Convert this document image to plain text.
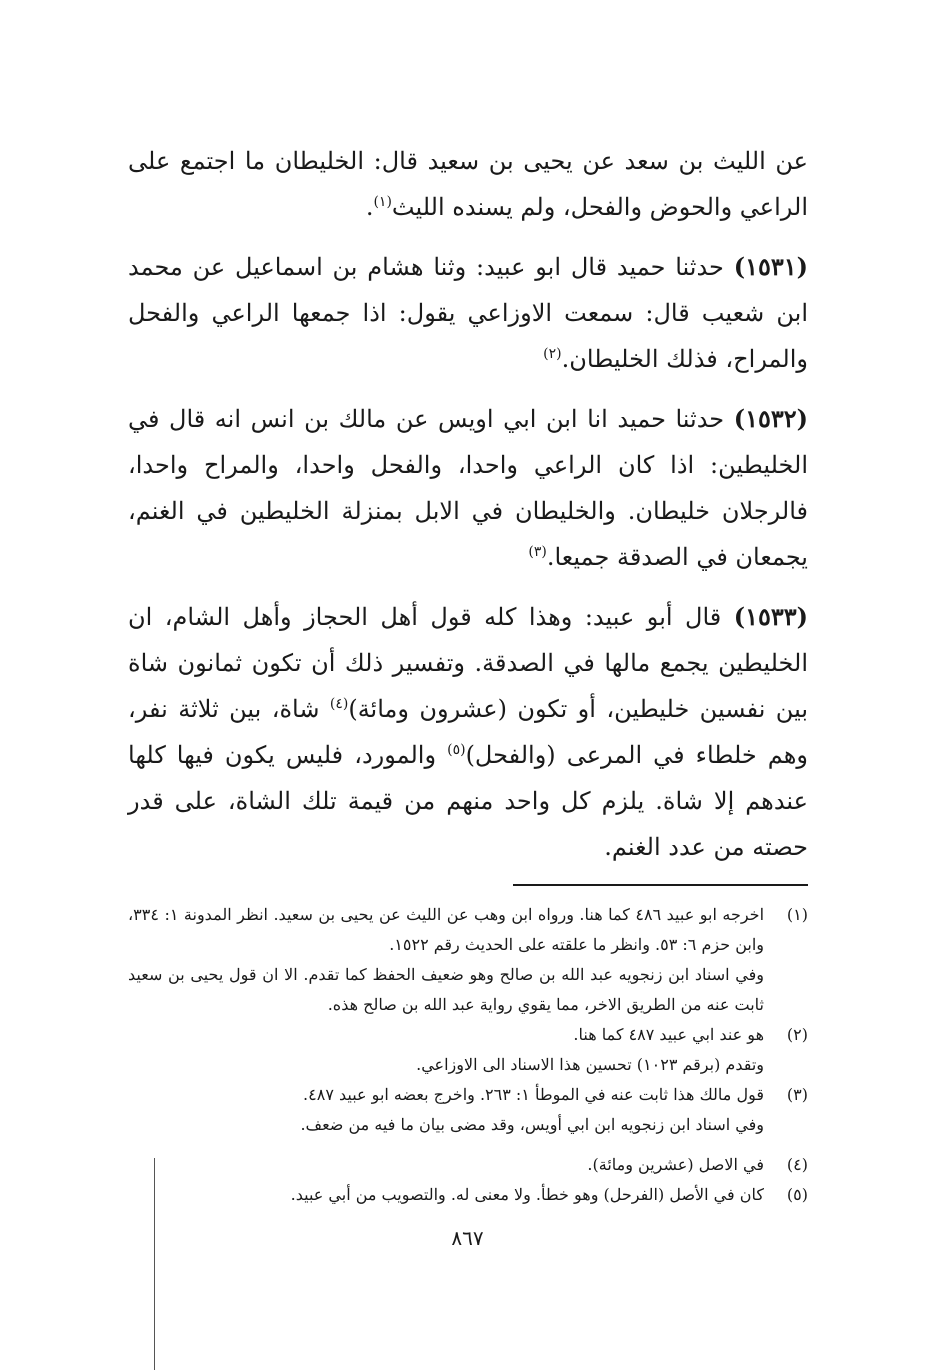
عن الليث بن سعد عن يحيى بن سعيد قال: الخليطان ما اجتمع على الراعي والحوض والفحل، ولم يسنده الليث$^{(١)}$.

(١٥٣١) حدثنا حميد قال ابو عبيد: وثنا هشام بن اسماعيل عن محمد ابن شعيب قال: سمعت الاوزاعي يقول: اذا جمعها الراعي والفحل والمراح، فذلك الخليطان.$^{(٢)}$

(١٥٣٢) حدثنا حميد انا ابن ابي اويس عن مالك بن انس انه قال في الخليطين: اذا كان الراعي واحدا، والفحل واحدا، والمراح واحدا، فالرجلان خليطان. والخليطان في الابل بمنزلة الخليطين في الغنم، يجمعان في الصدقة جميعا.$^{(٣)}$

(١٥٣٣) قال أبو عبيد: وهذا كله قول أهل الحجاز وأهل الشام، ان الخليطين يجمع مالها في الصدقة. وتفسير ذلك أن تكون ثمانون شاة بين نفسين خليطين، أو تكون (عشرون ومائة)$^{(٤)}$ شاة، بين ثلاثة نفر، وهم خلطاء في المرعى (والفحل)$^{(٥)}$ والمورد، فليس يكون فيها كلها عندهم إلا شاة. يلزم كل واحد منهم من قيمة تلك الشاة، على قدر حصته من عدد الغنم.

(١)
اخرجه ابو عبيد ٤٨٦ كما هنا. ورواه ابن وهب عن الليث عن يحيى بن سعيد. انظر المدونة ١: ٣٣٤، وابن حزم ٦: ٥٣. وانظر ما علقته على الحديث رقم ١٥٢٢.
وفي اسناد ابن زنجويه عبد الله بن صالح وهو ضعيف الحفظ كما تقدم. الا ان قول يحيى بن سعيد ثابت عنه من الطريق الاخر، مما يقوي رواية عبد الله بن صالح هذه.
(٢)
هو عند ابي عبيد ٤٨٧ كما هنا.
وتقدم (برقم ١٠٢٣) تحسين هذا الاسناد الى الاوزاعي.
(٣)
قول مالك هذا ثابت عنه في الموطأ ١: ٢٦٣. واخرج بعضه ابو عبيد ٤٨٧.
وفي اسناد ابن زنجويه ابن ابي أويس، وقد مضى بيان ما فيه من ضعف.
(٤)
في الاصل (عشرين ومائة).
(٥)
كان في الأصل (الفرحل) وهو خطأ. ولا معنى له. والتصويب من أبي عبيد.
٨٦٧
